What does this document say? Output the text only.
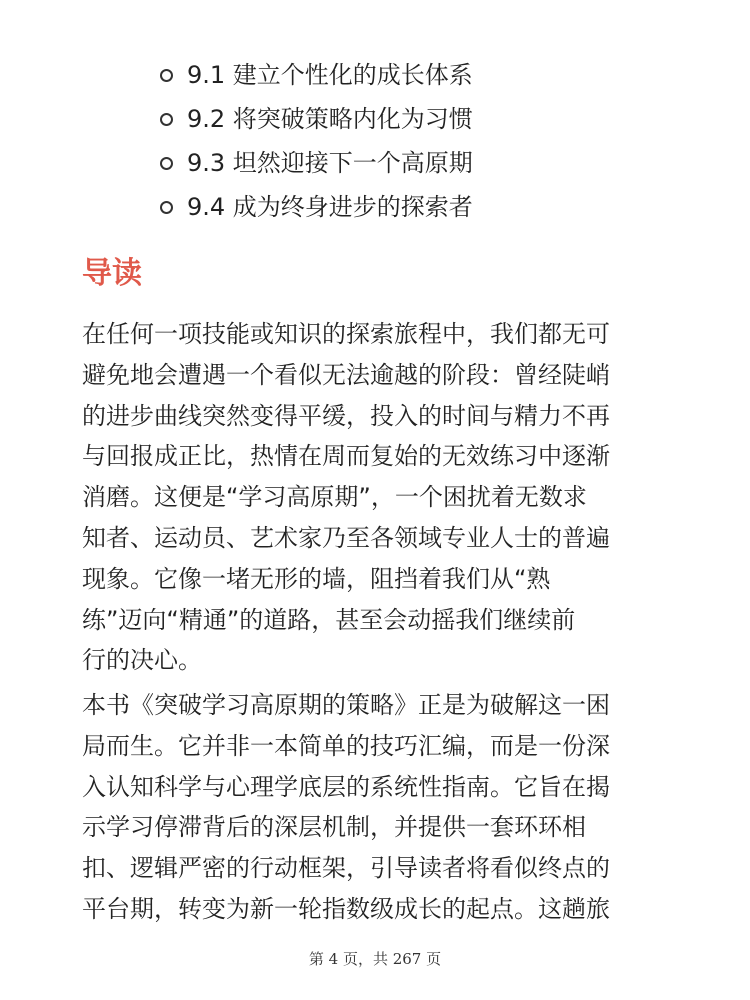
9.1 建立个性化的成长体系
9.2 将突破策略内化为习惯
9.3 坦然迎接下一个高原期
9.4 成为终身进步的探索者
导读

在任何一项技能或知识的探索旅程中，我们都无可
避免地会遭遇一个看似无法逾越的阶段：曾经陡峭
的进步曲线突然变得平缓，投入的时间与精力不再
与回报成正比，热情在周而复始的无效练习中逐渐
消磨。这便是“学习高原期”，一个困扰着无数求
知者、运动员、艺术家乃至各领域专业人士的普遍
现象。它像一堵无形的墙，阻挡着我们从“熟
练”迈向“精通”的道路，甚至会动摇我们继续前
行的决心。

本书《突破学习高原期的策略》正是为破解这一困
局而生。它并非一本简单的技巧汇编，而是一份深
入认知科学与心理学底层的系统性指南。它旨在揭
示学习停滞背后的深层机制，并提供一套环环相
扣、逻辑严密的行动框架，引导读者将看似终点的
平台期，转变为新一轮指数级成长的起点。这趟旅

第 4 页，共 267 页
